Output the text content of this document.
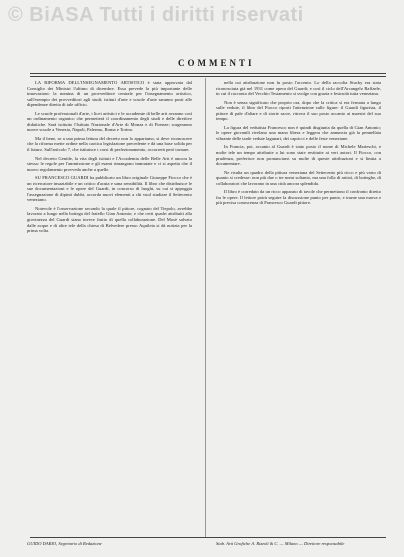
© BiASA Tutti i diritti riservati
COMMENTI

LA RIFORMA DELL'INSEGNAMENTO ARTISTICO è stata approvata dal Consiglio dei Ministri l'ultimo di dicembre. Essa prevede la più importante delle innovazioni: la nomina di un provveditore centrale per l'insegnamento artistico, sull'esempio dei provveditori agli studi; istituti d'arte e scuole d'arte saranno posti alle dipendenze diretta di tale ufficio.

Le scuole professionali d'arte, i licei artistici e le accademie di belle arti avranno così un ordinamento organico che permetterà il coordinamento degli studi e delle direttive didattiche. Sarà istituito l'Istituto Nazionale d'Arte di Monza e di Firenze; sorgeranno nuove scuole a Venezia, Napoli, Palermo, Roma e Torino.

Ma il bene, se a una prima lettura del decreto non lo appariamo, si deve riconoscere che la riforma mette ordine nella caotica legislazione precedente e dà una base solida per il futuro. Sull'articolo 7, che istituisce i corsi di perfezionamento, occorrerà però tornare.

Nel decreto Gentile, la vita degli istituti e l'Accademia delle Belle Arti è ancora la stessa: le regole per l'ammissione e gli esami rimangono immutate e ci si aspetta che il nuovo regolamento provveda anche a quelle.

SU FRANCESCO GUARDI ha pubblicato un libro originale Giuseppe Fiocco che è un ricercatore insaziabile e un critico d'acuta e sana sensibilità. Il libro che distribuisce le sue documentazioni e le opere del Guardi, in concorso di luoghi, su cui si appoggia l'assegnazione di dipinti dubbi, accorda nuovi elementi a chi vuol studiare il Settecento veneziano.

Notevole è l'osservazione secondo la quale il pittore, cognato del Tiepolo, avrebbe lavorato a lungo nella bottega del fratello Gian Antonio; e che certi quadri attribuiti alla giovinezza del Guardi siano invece frutto di quella collaborazione. Del Mosè salvato dalle acque e di altre tele della chiesa di Belvedere presso Aquileia si dà notizia per la prima volta.

nella cui attribuzione non fu posto l'accento. Lo della raccolta Stucky era stata riconosciuta già nel 1931 come opera del Guardi; e così il ciclo dell'Arcangelo Raffaele, in cui il racconto del Vecchio Testamento si svolge con grazia e festosità tutta veneziana.

Non è senza significato che proprio ora, dopo che la critica si era fermata a lungo sulle vedute, il libro del Fiocco riporti l'attenzione sulle figure: il Guardi figurista, il pittore di pale d'altare e di storie sacre, ritrova il suo posto accanto ai maestri del suo tempo.

La figura del vedutista Francesco non è quindi disgiunta da quella di Gian Antonio; le opere giovanili rivelano una mano libera e leggera che annuncia già la pennellata vibrante delle tarde vedute lagunari, dei capricci e delle feste veneziane.

In Francia, poi, accanto al Guardi è stato posto il nome di Michele Marieschi, e molte tele un tempo attribuite a lui sono state restituite ai veri autori. Il Fiocco, con prudenza, preferisce non pronunciarsi su molte di queste attribuzioni e si limita a documentare.

Ne risulta un quadro della pittura veneziana del Settecento più ricco e più vario di quanto si credesse: non più due o tre nomi soltanto, ma una folla di artisti, di botteghe, di collaboratori che lavorano in una città ancora splendida.

Il libro è corredato da un ricco apparato di tavole che permettono il confronto diretto fra le opere. Il lettore potrà seguire la discussione punto per punto, e trarne una nuova e più precisa conoscenza di Francesco Guardi pittore.

GUIDO DARIO, Segretario di Redazione	Stab. Arti Grafiche A. Rizzoli & C. — Milano — Direttore responsabile
